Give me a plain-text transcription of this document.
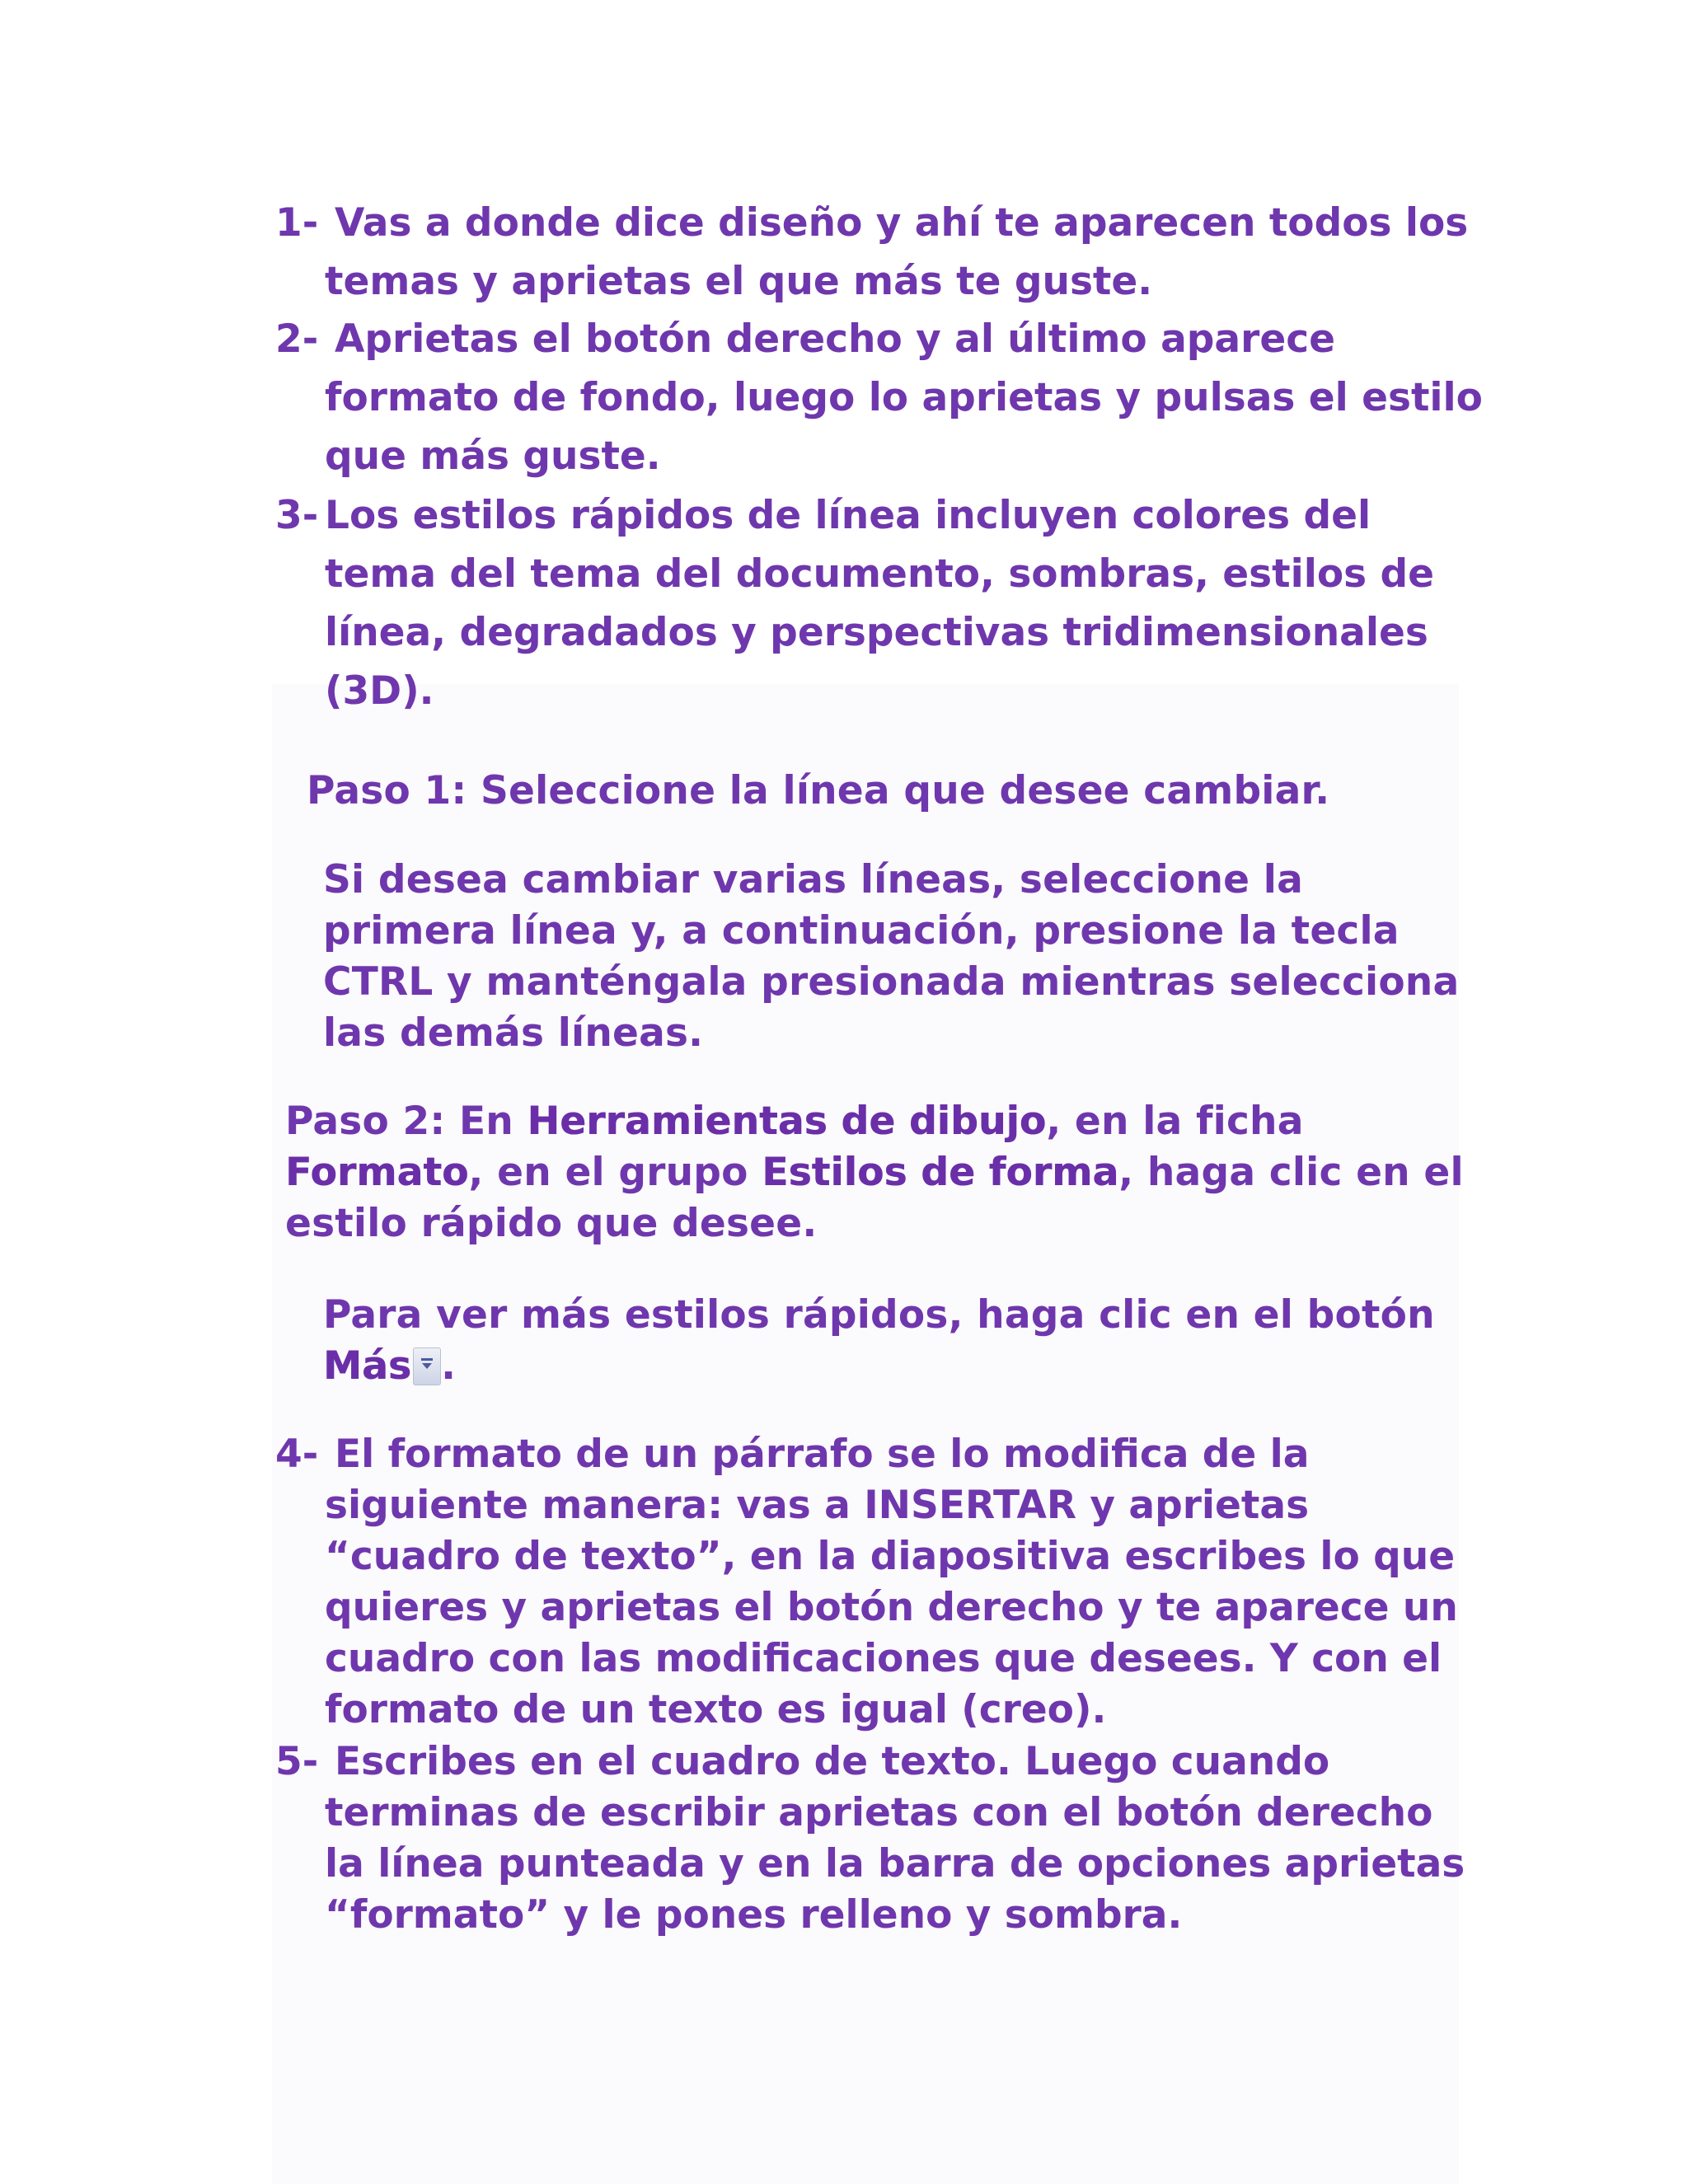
1- Vas a donde dice diseño y ahí te aparecen todos los
temas y aprietas el que más te guste.
2- Aprietas el botón derecho y al último aparece
formato de fondo, luego lo aprietas y pulsas el estilo
que más guste.
3- Los estilos rápidos de línea incluyen colores del
tema del tema del documento, sombras, estilos de
línea, degradados y perspectivas tridimensionales
(3D).
Paso 1: Seleccione la línea que desee cambiar.
Si desea cambiar varias líneas, seleccione la
primera línea y, a continuación, presione la tecla
CTRL y manténgala presionada mientras selecciona
las demás líneas.
Paso 2: En Herramientas de dibujo, en la ficha
Formato, en el grupo Estilos de forma, haga clic en el
estilo rápido que desee.
Para ver más estilos rápidos, haga clic en el botón
Más .
4- El formato de un párrafo se lo modifica de la
siguiente manera: vas a INSERTAR y aprietas
“cuadro de texto”, en la diapositiva escribes lo que
quieres y aprietas el botón derecho y te aparece un
cuadro con las modificaciones que desees. Y con el
formato de un texto es igual (creo).
5- Escribes en el cuadro de texto. Luego cuando
terminas de escribir aprietas con el botón derecho
la línea punteada y en la barra de opciones aprietas
“formato” y le pones relleno y sombra.
